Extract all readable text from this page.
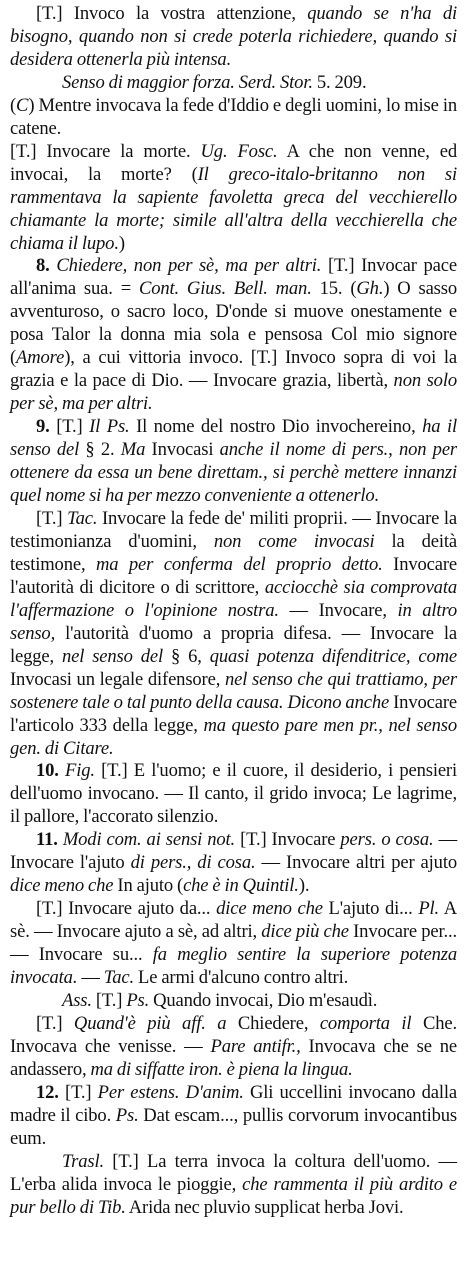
[T.] Invoco la vostra attenzione, quando se n'ha di bisogno, quando non si crede poterla richiedere, quando si desidera ottenerla più intensa.

Senso di maggior forza. Serd. Stor. 5. 209.

(C) Mentre invocava la fede d'Iddio e degli uomini, lo mise in catene.

[T.] Invocare la morte. Ug. Fosc. A che non venne, ed invocai, la morte? (Il greco-italo-britanno non si rammentava la sapiente favoletta greca del vecchierello chiamante la morte; simile all'altra della vecchierella che chiama il lupo.)

8. Chiedere, non per sè, ma per altri. [T.] Invocar pace all'anima sua. = Cont. Gius. Bell. man. 15. (Gh.) O sasso avventuroso, o sacro loco, D'onde si muove onestamente e posa Talor la donna mia sola e pensosa Col mio signore (Amore), a cui vittoria invoco. [T.] Invoco sopra di voi la grazia e la pace di Dio. — Invocare grazia, libertà, non solo per sè, ma per altri.

9. [T.] Il Ps. Il nome del nostro Dio invochereino, ha il senso del § 2. Ma Invocasi anche il nome di pers., non per ottenere da essa un bene direttam., si perchè mettere innanzi quel nome si ha per mezzo conveniente a ottenerlo.

[T.] Tac. Invocare la fede de' militi proprii. — Invocare la testimonianza d'uomini, non come invocasi la deità testimone, ma per conferma del proprio detto. Invocare l'autorità di dicitore o di scrittore, acciocchè sia comprovata l'affermazione o l'opinione nostra. — Invocare, in altro senso, l'autorità d'uomo a propria difesa. — Invocare la legge, nel senso del § 6, quasi potenza difenditrice, come Invocasi un legale difensore, nel senso che qui trattiamo, per sostenere tale o tal punto della causa. Dicono anche Invocare l'articolo 333 della legge, ma questo pare men pr., nel senso gen. di Citare.

10. Fig. [T.] E l'uomo; e il cuore, il desiderio, i pensieri dell'uomo invocano. — Il canto, il grido invoca; Le lagrime, il pallore, l'accorato silenzio.

11. Modi com. ai sensi not. [T.] Invocare pers. o cosa. — Invocare l'ajuto di pers., di cosa. — Invocare altri per ajuto dice meno che In ajuto (che è in Quintil.).

[T.] Invocare ajuto da... dice meno che L'ajuto di... Pl. A sè. — Invocare ajuto a sè, ad altri, dice più che Invocare per... — Invocare su... fa meglio sentire la superiore potenza invocata. — Tac. Le armi d'alcuno contro altri.

Ass. [T.] Ps. Quando invocai, Dio m'esaudì.

[T.] Quand'è più aff. a Chiedere, comporta il Che. Invocava che venisse. — Pare antifr., Invocava che se ne andassero, ma di siffatte iron. è piena la lingua.

12. [T.] Per estens. D'anim. Gli uccellini invocano dalla madre il cibo. Ps. Dat escam..., pullis corvorum invocantibus eum.

Trasl. [T.] La terra invoca la coltura dell'uomo. — L'erba alida invoca le pioggie, che rammenta il più ardito e pur bello di Tib. Arida nec pluvio supplicat herba Jovi.
